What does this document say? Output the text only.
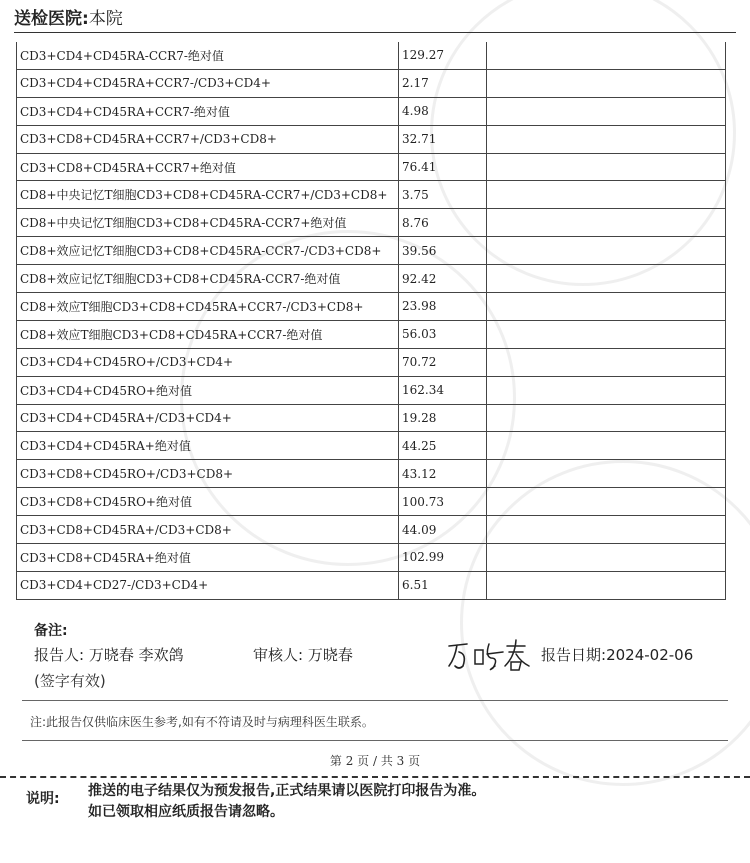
送检医院:本院
CD3+CD4+CD45RA-CCR7-绝对值	129.27	
CD3+CD4+CD45RA+CCR7-/CD3+CD4+	2.17	
CD3+CD4+CD45RA+CCR7-绝对值	4.98	
CD3+CD8+CD45RA+CCR7+/CD3+CD8+	32.71	
CD3+CD8+CD45RA+CCR7+绝对值	76.41	
CD8+中央记忆T细胞CD3+CD8+CD45RA-CCR7+/CD3+CD8+	3.75	
CD8+中央记忆T细胞CD3+CD8+CD45RA-CCR7+绝对值	8.76	
CD8+效应记忆T细胞CD3+CD8+CD45RA-CCR7-/CD3+CD8+	39.56	
CD8+效应记忆T细胞CD3+CD8+CD45RA-CCR7-绝对值	92.42	
CD8+效应T细胞CD3+CD8+CD45RA+CCR7-/CD3+CD8+	23.98	
CD8+效应T细胞CD3+CD8+CD45RA+CCR7-绝对值	56.03	
CD3+CD4+CD45RO+/CD3+CD4+	70.72	
CD3+CD4+CD45RO+绝对值	162.34	
CD3+CD4+CD45RA+/CD3+CD4+	19.28	
CD3+CD4+CD45RA+绝对值	44.25	
CD3+CD8+CD45RO+/CD3+CD8+	43.12	
CD3+CD8+CD45RO+绝对值	100.73	
CD3+CD8+CD45RA+/CD3+CD8+	44.09	
CD3+CD8+CD45RA+绝对值	102.99	
CD3+CD4+CD27-/CD3+CD4+	6.51	
备注:
报告人: 万晓春 李欢鸽	审核人: 万晓春	报告日期:2024-02-06
(签字有效)
注:此报告仅供临床医生参考,如有不符请及时与病理科医生联系。
第 2 页 / 共 3 页
说明: 推送的电子结果仅为预发报告,正式结果请以医院打印报告为准。
如已领取相应纸质报告请忽略。
